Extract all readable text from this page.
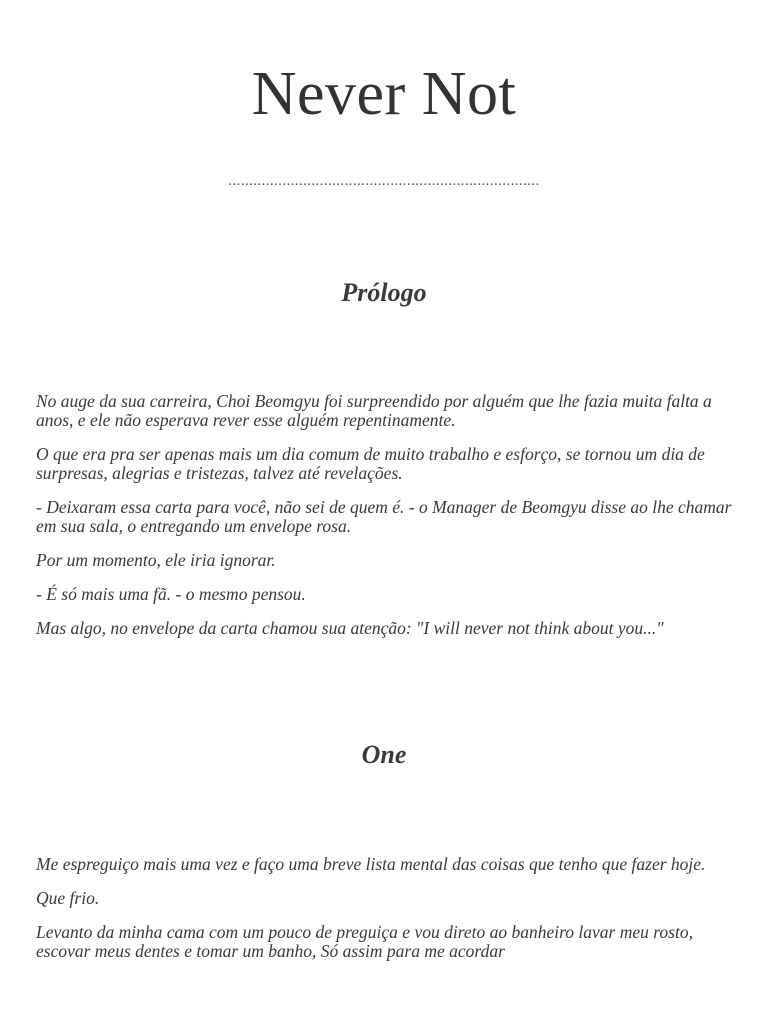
Never Not
...........................................................................
Prólogo

No auge da sua carreira, Choi Beomgyu foi surpreendido por alguém que lhe fazia muita falta a anos, e ele não esperava rever esse alguém repentinamente.

O que era pra ser apenas mais um dia comum de muito trabalho e esforço, se tornou um dia de surpresas, alegrias e tristezas, talvez até revelações.

- Deixaram essa carta para você, não sei de quem é. - o Manager de Beomgyu disse ao lhe chamar em sua sala, o entregando um envelope rosa.

Por um momento, ele iria ignorar.

- É só mais uma fã. - o mesmo pensou.

Mas algo, no envelope da carta chamou sua atenção: "I will never not think about you..."

One

Me espreguiço mais uma vez e faço uma breve lista mental das coisas que tenho que fazer hoje.

Que frio.

Levanto da minha cama com um pouco de preguiça e vou direto ao banheiro lavar meu rosto, escovar meus dentes e tomar um banho, Só assim para me acordar
